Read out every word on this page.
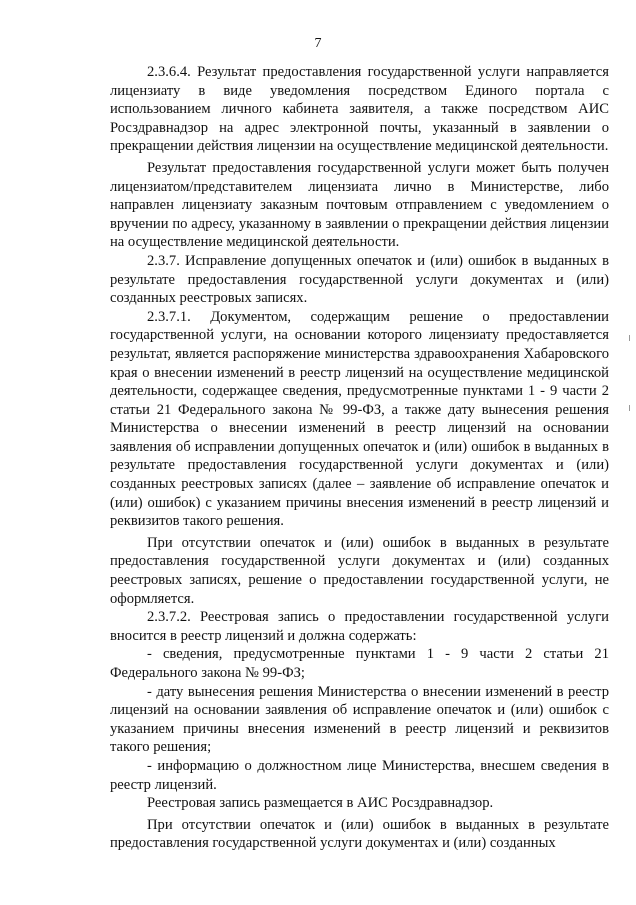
7

2.3.6.4. Результат предоставления государственной услуги направляется лицензиату в виде уведомления посредством Единого портала с использованием личного кабинета заявителя, а также посредством АИС Росздравнадзор на адрес электронной почты, указанный в заявлении о прекращении действия лицензии на осуществление медицинской деятельности.

Результат предоставления государственной услуги может быть получен лицензиатом/представителем лицензиата лично в Министерстве, либо направлен лицензиату заказным почтовым отправлением с уведомлением о вручении по адресу, указанному в заявлении о прекращении действия лицензии на осуществление медицинской деятельности.

2.3.7. Исправление допущенных опечаток и (или) ошибок в выданных в результате предоставления государственной услуги документах и (или) созданных реестровых записях.

2.3.7.1. Документом, содержащим решение о предоставлении государственной услуги, на основании которого лицензиату предоставляется результат, является распоряжение министерства здравоохранения Хабаровского края о внесении изменений в реестр лицензий на осуществление медицинской деятельности, содержащее сведения, предусмотренные пунктами 1 - 9 части 2 статьи 21 Федерального закона № 99-ФЗ, а также дату вынесения решения Министерства о внесении изменений в реестр лицензий на основании заявления об исправлении допущенных опечаток и (или) ошибок в выданных в результате предоставления государственной услуги документах и (или) созданных реестровых записях (далее – заявление об исправление опечаток и (или) ошибок) с указанием причины внесения изменений в реестр лицензий и реквизитов такого решения.

При отсутствии опечаток и (или) ошибок в выданных в результате предоставления государственной услуги документах и (или) созданных реестровых записях, решение о предоставлении государственной услуги, не оформляется.

2.3.7.2. Реестровая запись о предоставлении государственной услуги вносится в реестр лицензий и должна содержать:

- сведения, предусмотренные пунктами 1 - 9 части 2 статьи 21 Федерального закона № 99-ФЗ;

- дату вынесения решения Министерства о внесении изменений в реестр лицензий на основании заявления об исправление опечаток и (или) ошибок с указанием причины внесения изменений в реестр лицензий и реквизитов такого решения;

- информацию о должностном лице Министерства, внесшем сведения в реестр лицензий.

Реестровая запись размещается в АИС Росздравнадзор.

При отсутствии опечаток и (или) ошибок в выданных в результате предоставления государственной услуги документах и (или) созданных
